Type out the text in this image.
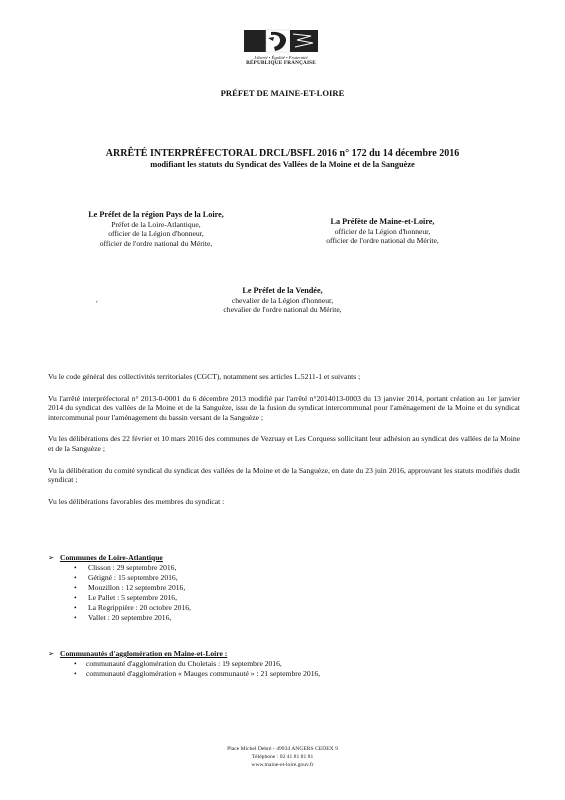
Liberté • Égalité • Fraternité
RÉPUBLIQUE FRANÇAISE
PRÉFET DE MAINE-ET-LOIRE
ARRÊTÉ INTERPRÉFECTORAL DRCL/BSFL 2016 n° 172 du 14 décembre 2016
modifiant les statuts du Syndicat des Vallées de la Moine et de la Sanguèze
Le Préfet de la région Pays de la Loire,
Préfet de la Loire-Atlantique,
officier de la Légion d'honneur,
officier de l'ordre national du Mérite,
La Préfète de Maine-et-Loire,
officier de la Légion d'honneur,
officier de l'ordre national du Mérite,
,
Le Préfet de la Vendée,
chevalier de la Légion d'honneur,
chevalier de l'ordre national du Mérite,

Vu le code général des collectivités territoriales (CGCT), notamment ses articles L.5211-1 et suivants ;

Vu l'arrêté interpréfectoral n° 2013-0-0001 du 6 décembre 2013 modifié par l'arrêté n°2014013-0003 du 13 janvier 2014, portant création au 1er janvier 2014 du syndicat des vallées de la Moine et de la Sanguèze, issu de la fusion du syndicat intercommunal pour l'aménagement de la Moine et du syndicat intercommunal pour l'aménagement du bassin versant de la Sanguèze ;

Vu les délibérations des 22 février et 10 mars 2016 des communes de Vezruay et Les Corquess sollicitant leur adhésion au syndicat des vallées de la Moine et de la Sanguèze ;

Vu la délibération du comité syndical du syndicat des vallées de la Moine et de la Sanguèze, en date du 23 juin 2016, approuvant les statuts modifiés dudit syndicat ;

Vu les délibérations favorables des membres du syndicat :

➢ Communes de Loire-Atlantique
• Clisson : 29 septembre 2016,
• Gétigné : 15 septembre 2016,
• Mouzillon : 12 septembre 2016,
• Le Pallet : 5 septembre 2016,
• La Regrippière : 20 octobre 2016,
• Vallet : 20 septembre 2016,
➢ Communautés d'agglomération en Maine-et-Loire :
• communauté d'agglomération du Choletais : 19 septembre 2016,
• communauté d'agglomération « Mauges communauté » : 21 septembre 2016,
Place Michel Debré - 49934 ANGERS CEDEX 9
Téléphone : 02 41 81 81 81
www.maine-et-loire.gouv.fr
